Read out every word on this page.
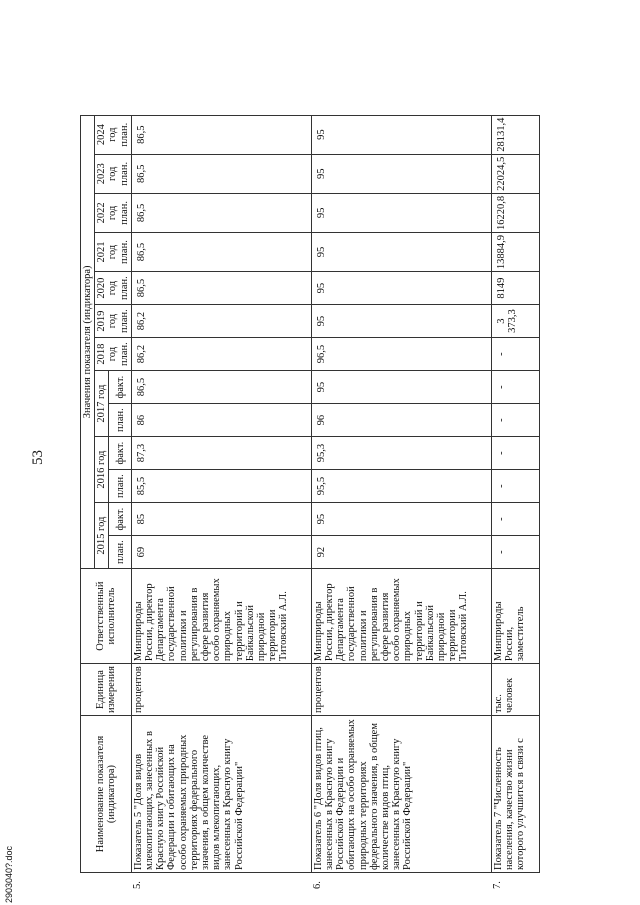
53
	Наименование показателя (индикатора)	Единица измерения	Ответственный исполнитель	Значения показателя (индикатора)												
				2015 год		2016 год		2017 год		2018 год план.	2019 год план.	2020 год план.	2021 год план.	2022 год план.	2023 год план.	2024 год план.
				план.	факт.	план.	факт.	план.	факт.							

5.	Показатель 5 "Доля видов млекопитающих, занесенных в Красную книгу Российской Федерации и обитающих на особо охраняемых природных территориях федерального значения, в общем количестве видов млекопитающих, занесенных в Красную книгу Российской Федерации"	процентов	Минприроды России, директор Департамента государственной политики и регулирования в сфере развития особо охраняемых природных территорий и Байкальской природной территории Титовский А.Л.	69	85	85,5	87,3	86	86,5	86,2	86,2	86,5	86,5	86,5	86,5	86,5
6.	Показатель 6 "Доля видов птиц, занесенных в Красную книгу Российской Федерации и обитающих на особо охраняемых природных территориях федерального значения, в общем количестве видов птиц, занесенных в Красную книгу Российской Федерации"	процентов	Минприроды России, директор Департамента государственной политики и регулирования в сфере развития особо охраняемых природных территорий и Байкальской природной территории Титовский А.Л.	92	95	95,5	95,3	96	95	96,5	95	95	95	95	95	95
7.	Показатель 7 "Численность населения, качество жизни которого улучшится в связи с	тыс. человек	Минприроды России, заместитель	-	-	-	-	-	-	-	3 373,3	8149	13884,9	16220,8	22024,5	28131,4
2903040?.doc
